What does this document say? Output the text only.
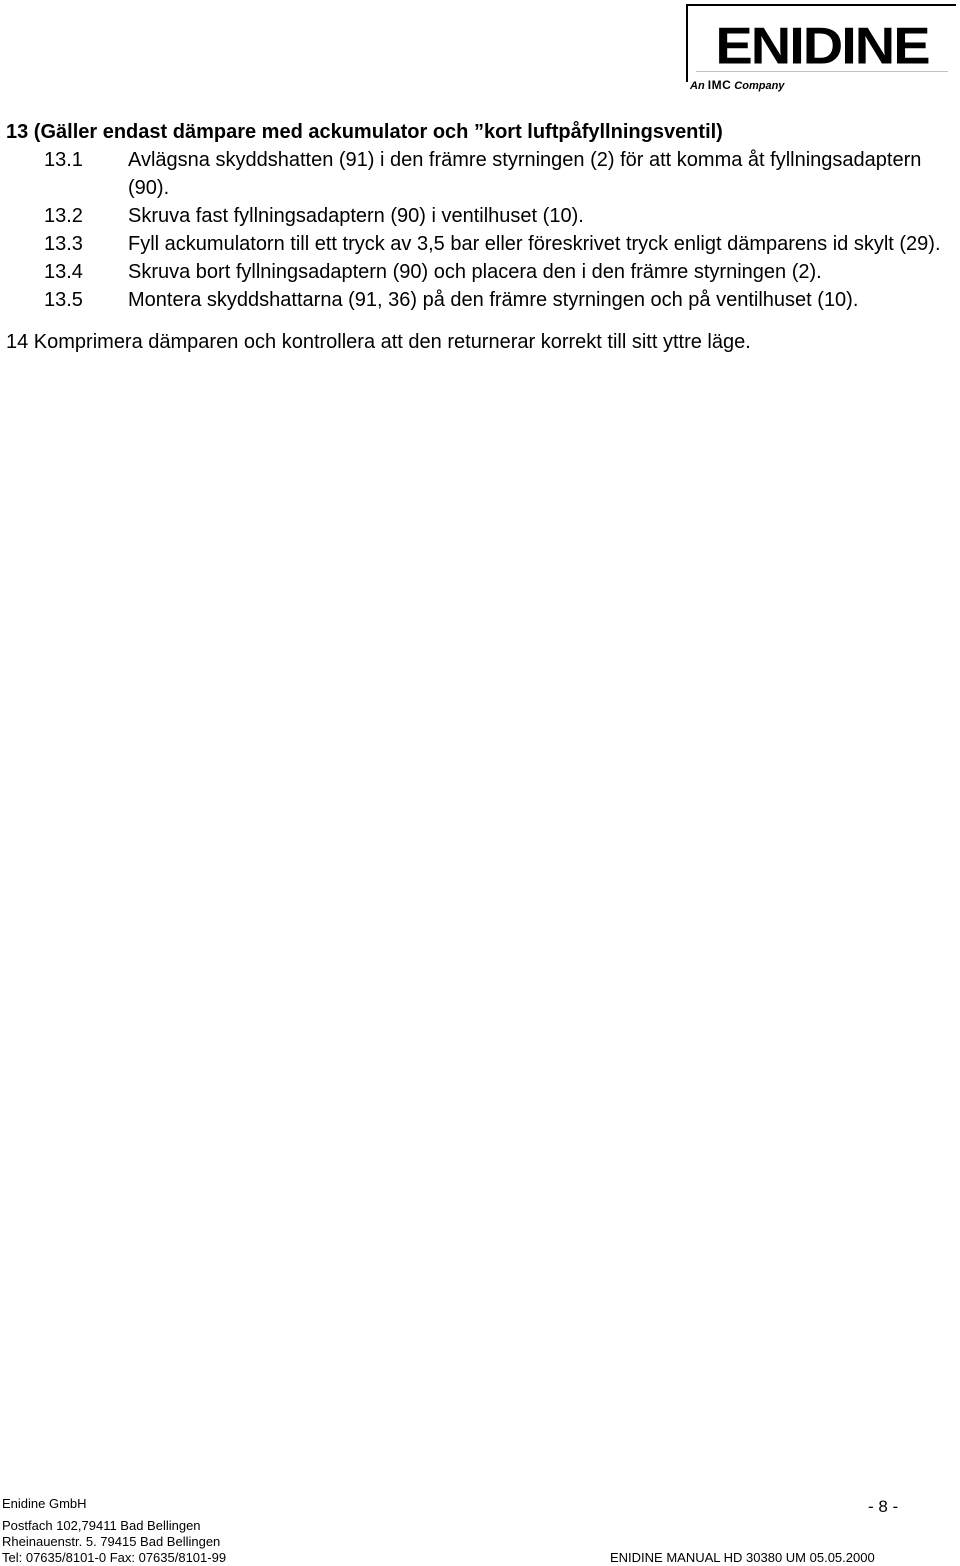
ENIDINE
An IMC Company
13 (Gäller endast dämpare med ackumulator och ”kort luftpåfyllningsventil)
13.1	Avlägsna skyddshatten (91) i den främre styrningen (2) för att komma åt fyllningsadaptern (90).
13.2	Skruva fast fyllningsadaptern (90) i ventilhuset (10).
13.3	Fyll ackumulatorn till ett tryck av 3,5 bar eller föreskrivet tryck enligt dämparens id skylt (29).
13.4	Skruva bort fyllningsadaptern (90) och placera den i den främre styrningen (2).
13.5	Montera skyddshattarna (91, 36) på den främre styrningen och på ventilhuset (10).
14 Komprimera dämparen och kontrollera att den returnerar korrekt till sitt yttre läge.
Enidine GmbH
Postfach 102,79411 Bad Bellingen
Rheinauenstr. 5. 79415 Bad Bellingen
Tel: 07635/8101-0 Fax: 07635/8101-99	ENIDINE MANUAL HD 30380 UM 05.05.2000
- 8 -
